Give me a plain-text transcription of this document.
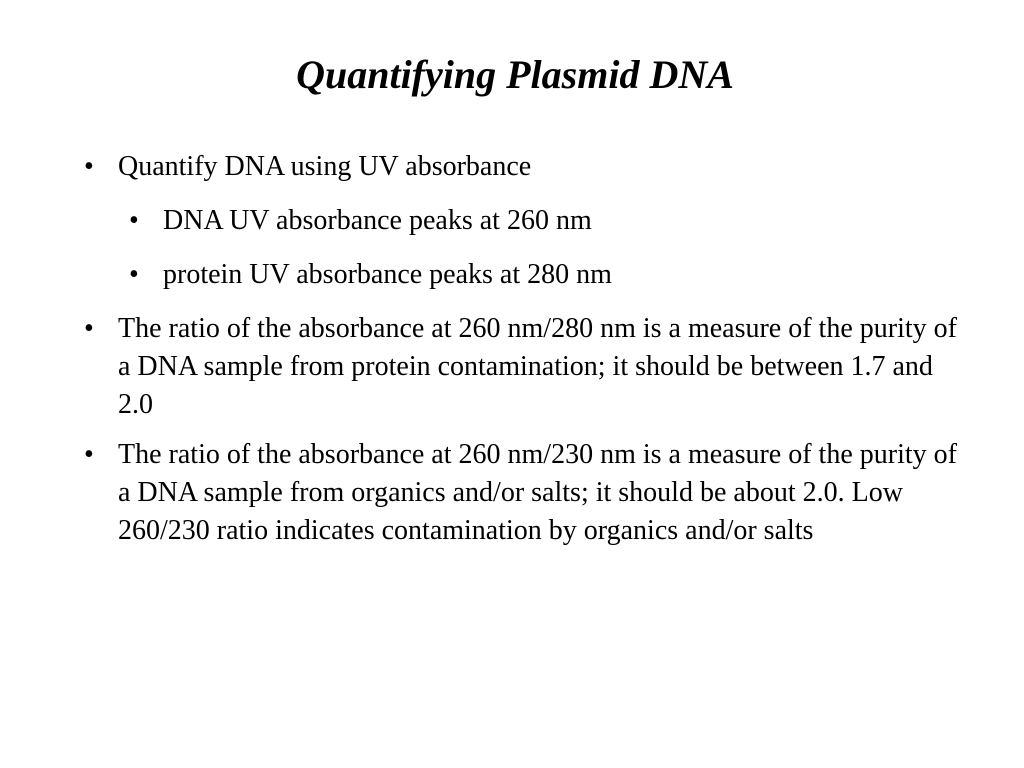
Quantifying Plasmid DNA
• Quantify DNA using UV absorbance
• DNA UV absorbance peaks at 260 nm
• protein UV absorbance peaks at 280 nm
• The ratio of the absorbance at 260 nm/280 nm is a measure of the purity of a DNA sample from protein contamination; it should be between 1.7 and 2.0
• The ratio of the absorbance at 260 nm/230 nm is a measure of the purity of a DNA sample from organics and/or salts; it should be about 2.0. Low 260/230 ratio indicates contamination by organics and/or salts
